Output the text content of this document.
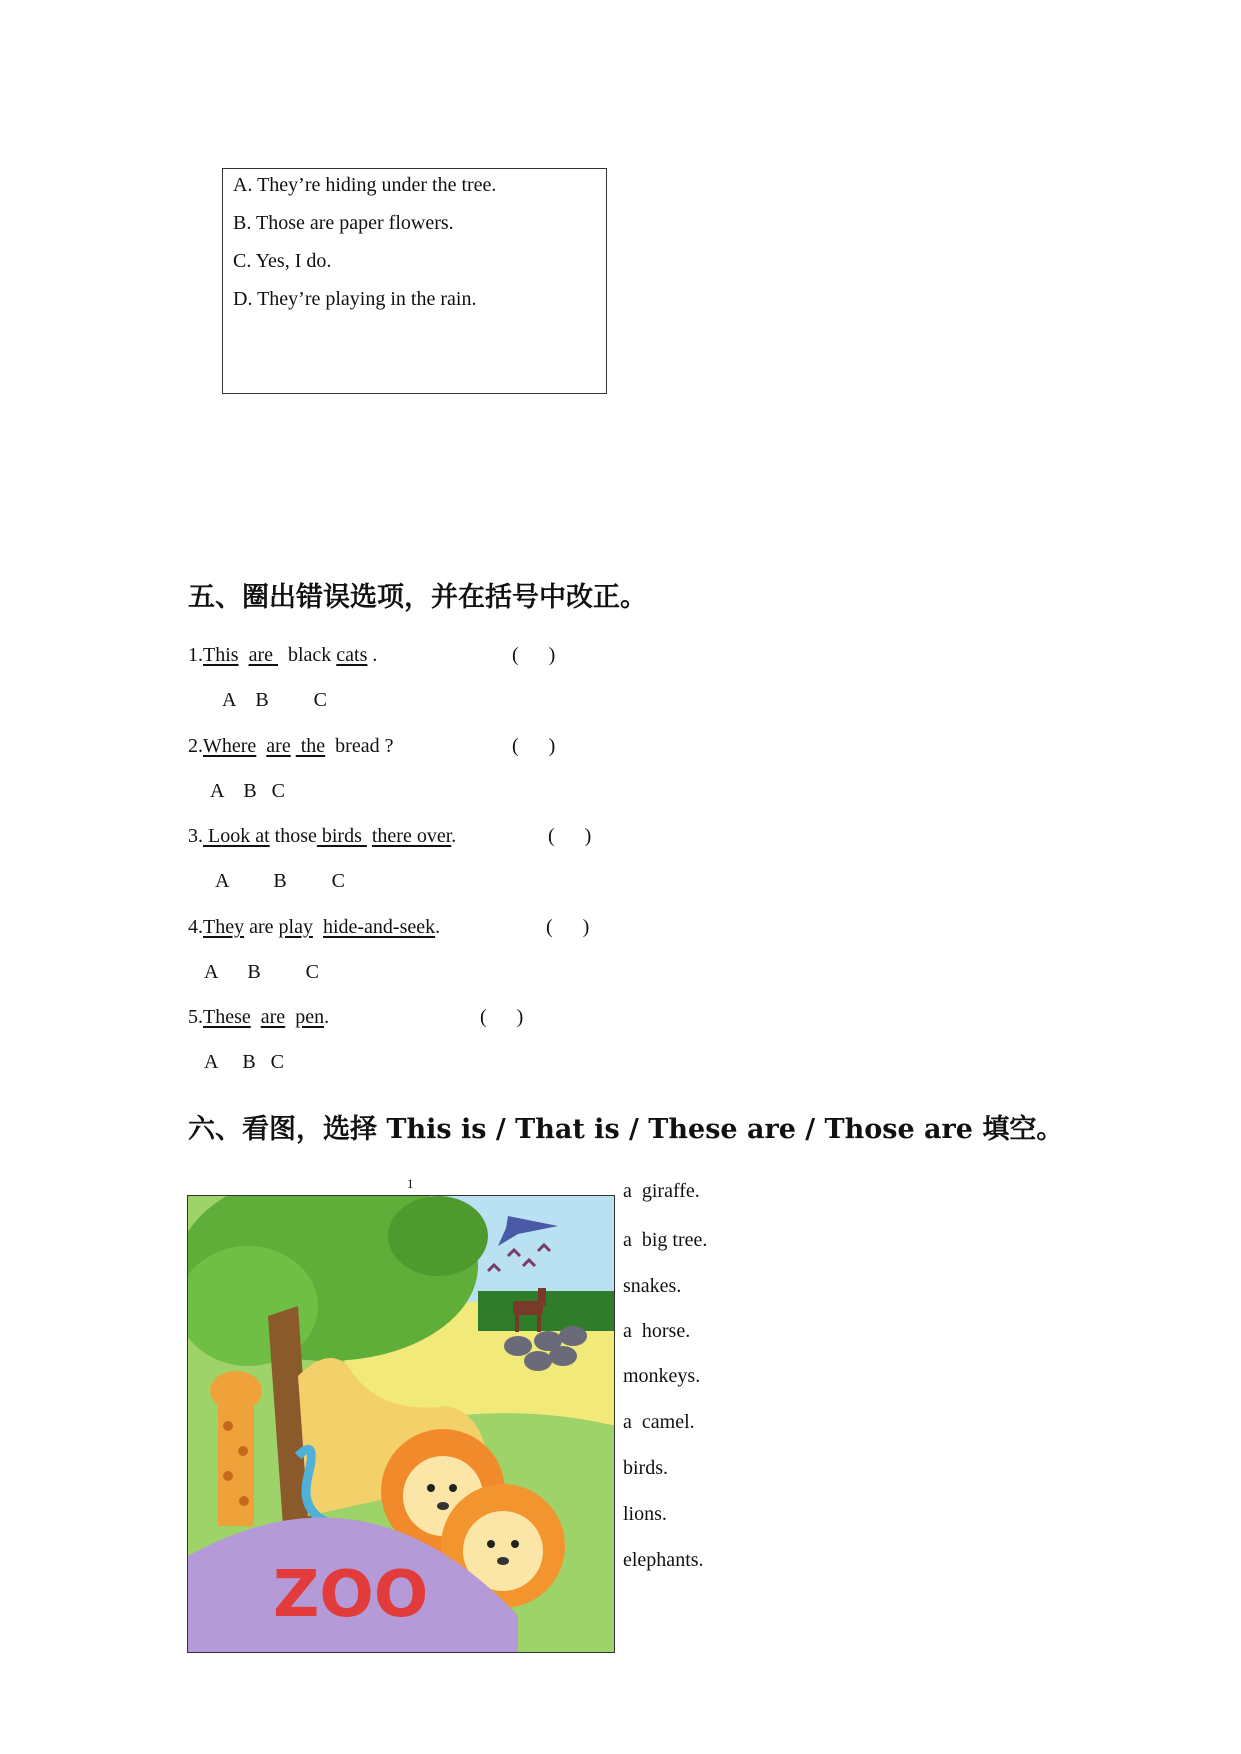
A. They’re hiding under the tree.
B. Those are paper flowers.
C. Yes, I do.
D. They’re playing in the rain.
五、圈出错误选项，并在括号中改正。
1.This are   black cats .	(      )
A    B         C
2.Where are  the  bread ?	(      )
A    B   C
3. Look at those birds  there over.	(      )
A         B         C
4.They are play hide-and-seek.	(      )
A      B         C
5.These are pen.	(      )
A     B   C
六、看图，选择 This is / That is / These are / Those are 填空。
1
ZOO
a  giraffe.
a  big tree.
snakes.
a  horse.
monkeys.
a  camel.
birds.
lions.
elephants.
